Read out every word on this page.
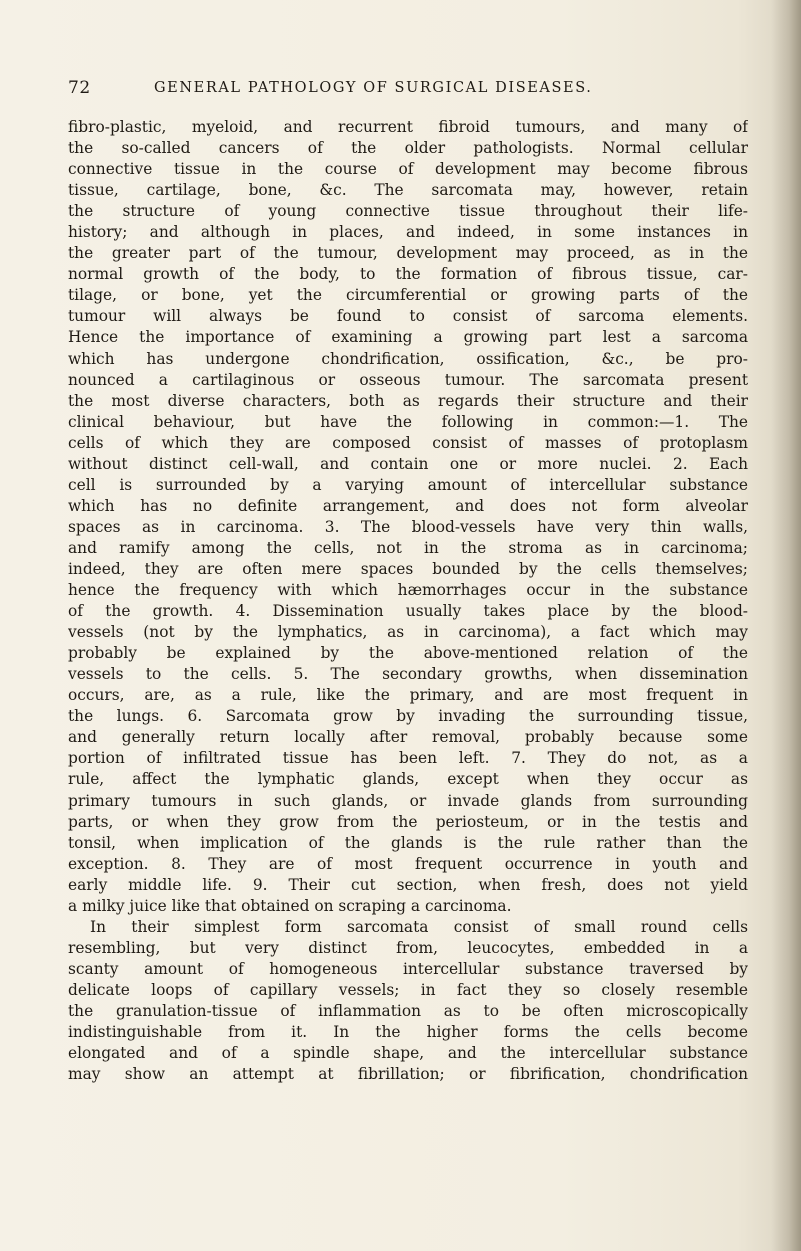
72	GENERAL PATHOLOGY OF SURGICAL DISEASES.
fibro-plastic, myeloid, and recurrent fibroid tumours, and many of
the so-called cancers of the older pathologists. Normal cellular
connective tissue in the course of development may become fibrous
tissue, cartilage, bone, &c. The sarcomata may, however, retain
the structure of young connective tissue throughout their life-
history; and although in places, and indeed, in some instances in
the greater part of the tumour, development may proceed, as in the
normal growth of the body, to the formation of fibrous tissue, car-
tilage, or bone, yet the circumferential or growing parts of the
tumour will always be found to consist of sarcoma elements.
Hence the importance of examining a growing part lest a sarcoma
which has undergone chondrification, ossification, &c., be pro-
nounced a cartilaginous or osseous tumour. The sarcomata present
the most diverse characters, both as regards their structure and their
clinical behaviour, but have the following in common:—1. The
cells of which they are composed consist of masses of protoplasm
without distinct cell-wall, and contain one or more nuclei. 2. Each
cell is surrounded by a varying amount of intercellular substance
which has no definite arrangement, and does not form alveolar
spaces as in carcinoma. 3. The blood-vessels have very thin walls,
and ramify among the cells, not in the stroma as in carcinoma;
indeed, they are often mere spaces bounded by the cells themselves;
hence the frequency with which hæmorrhages occur in the substance
of the growth. 4. Dissemination usually takes place by the blood-
vessels (not by the lymphatics, as in carcinoma), a fact which may
probably be explained by the above-mentioned relation of the
vessels to the cells. 5. The secondary growths, when dissemination
occurs, are, as a rule, like the primary, and are most frequent in
the lungs. 6. Sarcomata grow by invading the surrounding tissue,
and generally return locally after removal, probably because some
portion of infiltrated tissue has been left. 7. They do not, as a
rule, affect the lymphatic glands, except when they occur as
primary tumours in such glands, or invade glands from surrounding
parts, or when they grow from the periosteum, or in the testis and
tonsil, when implication of the glands is the rule rather than the
exception. 8. They are of most frequent occurrence in youth and
early middle life. 9. Their cut section, when fresh, does not yield
a milky juice like that obtained on scraping a carcinoma.
In their simplest form sarcomata consist of small round cells
resembling, but very distinct from, leucocytes, embedded in a
scanty amount of homogeneous intercellular substance traversed by
delicate loops of capillary vessels; in fact they so closely resemble
the granulation-tissue of inflammation as to be often microscopically
indistinguishable from it. In the higher forms the cells become
elongated and of a spindle shape, and the intercellular substance
may show an attempt at fibrillation; or fibrification, chondrification
